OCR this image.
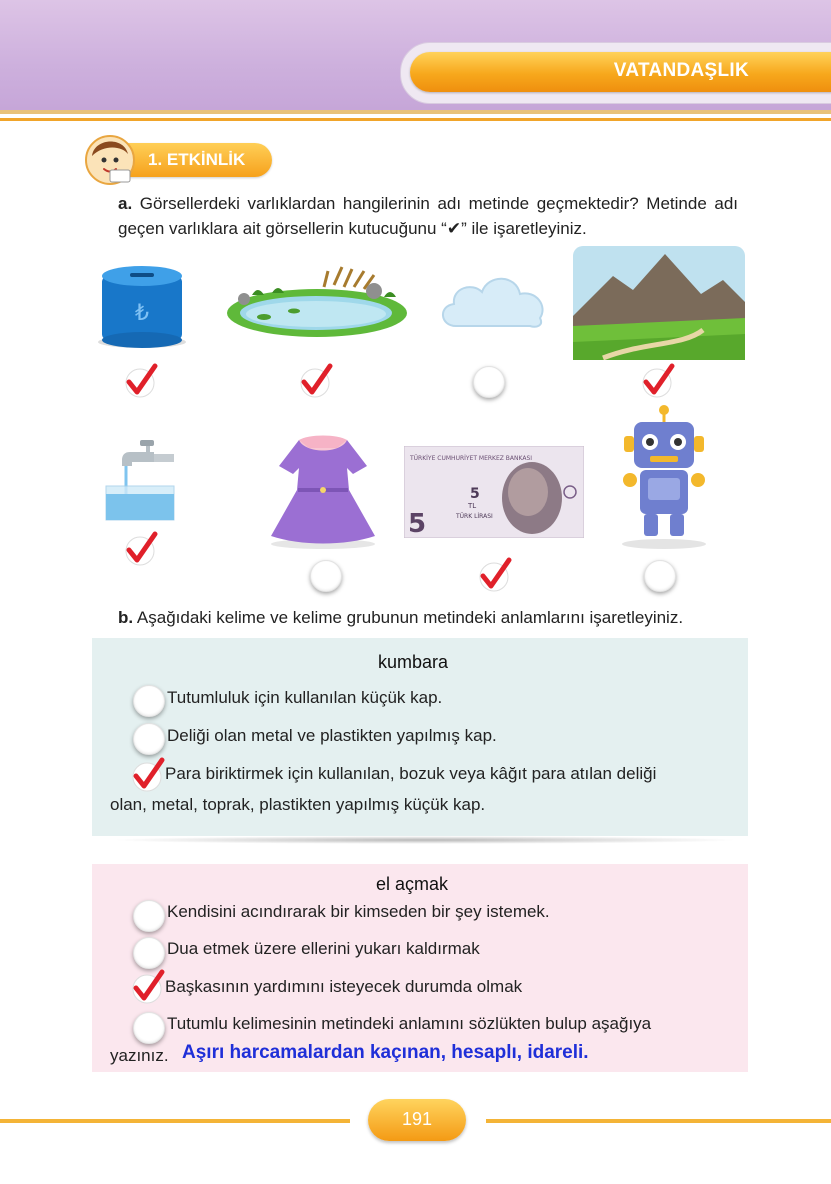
VATANDAŞLIK
1. ETKİNLİK
a. Görsellerdeki varlıklardan hangilerinin adı metinde geçmektedir? Metinde adı geçen varlıklara ait görsellerin kutucuğunu “✔” ile işaretleyiniz.
₺
TÜRKİYE CUMHURİYET MERKEZ BANKASI
5
5
TL
TÜRK LİRASI
b. Aşağıdaki kelime ve kelime grubunun metindeki anlamlarını işaretleyiniz.
kumbara
Tutumluluk için kullanılan küçük kap.
Deliği olan metal ve plastikten yapılmış kap.
Para biriktirmek için kullanılan, bozuk veya kâğıt para atılan deliği
olan, metal, toprak, plastikten yapılmış küçük kap.
el açmak
Kendisini acındırarak bir kimseden bir şey istemek.
Dua etmek üzere ellerini yukarı kaldırmak
Başkasının yardımını isteyecek durumda olmak
Tutumlu kelimesinin metindeki anlamını sözlükten bulup aşağıya
yazınız. Aşırı harcamalardan kaçınan, hesaplı, idareli.
191
